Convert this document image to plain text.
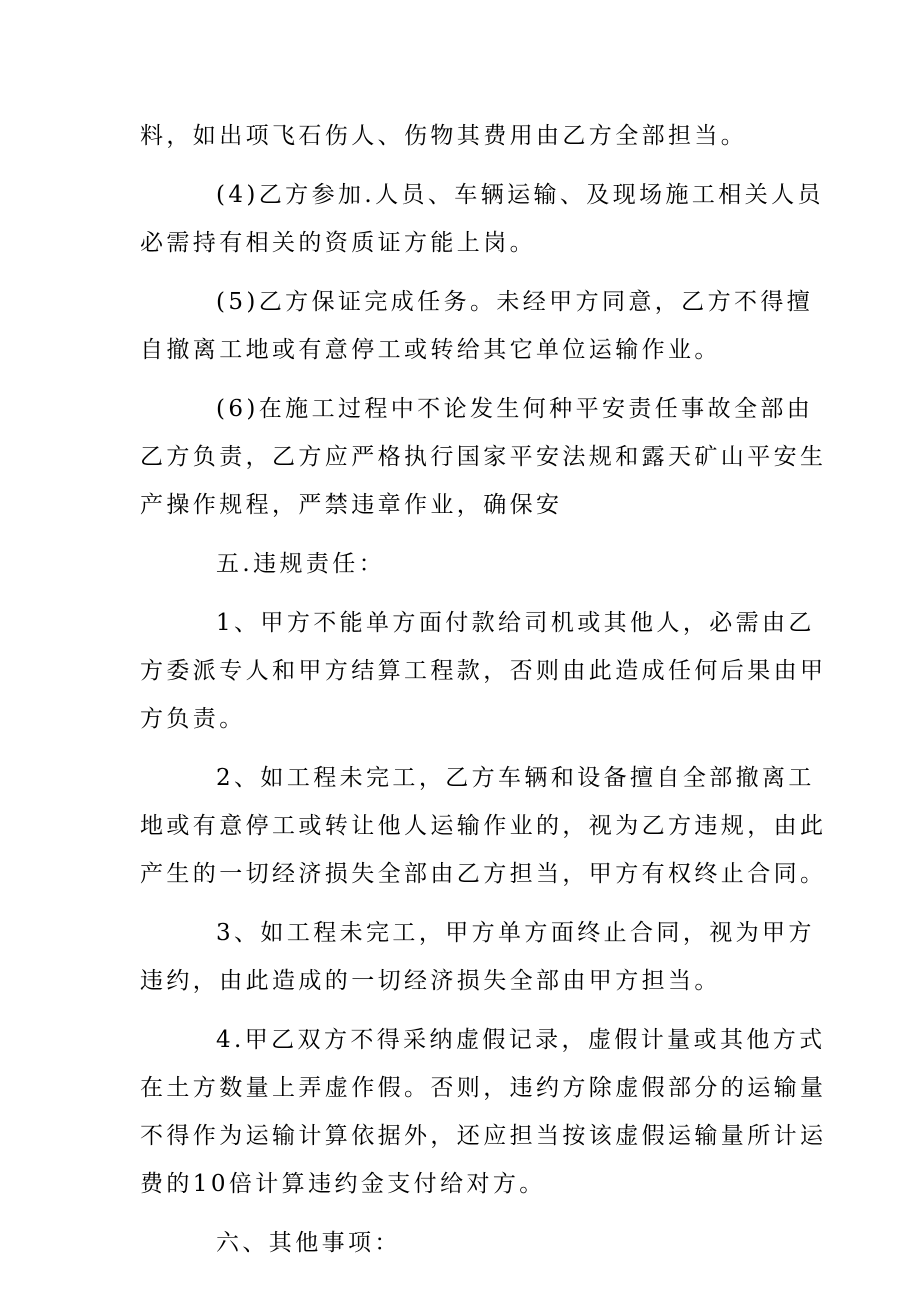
料，如出项飞石伤人、伤物其费用由乙方全部担当。

(4)乙方参加.人员、车辆运输、及现场施工相关人员
必需持有相关的资质证方能上岗。

(5)乙方保证完成任务。未经甲方同意，乙方不得擅
自撤离工地或有意停工或转给其它单位运输作业。

(6)在施工过程中不论发生何种平安责任事故全部由
乙方负责，乙方应严格执行国家平安法规和露天矿山平安生
产操作规程，严禁违章作业，确保安

五.违规责任：

1、甲方不能单方面付款给司机或其他人，必需由乙
方委派专人和甲方结算工程款，否则由此造成任何后果由甲
方负责。

2、如工程未完工，乙方车辆和设备擅自全部撤离工
地或有意停工或转让他人运输作业的，视为乙方违规，由此
产生的一切经济损失全部由乙方担当，甲方有权终止合同。

3、如工程未完工，甲方单方面终止合同，视为甲方
违约，由此造成的一切经济损失全部由甲方担当。

4.甲乙双方不得采纳虚假记录，虚假计量或其他方式
在土方数量上弄虚作假。否则，违约方除虚假部分的运输量
不得作为运输计算依据外，还应担当按该虚假运输量所计运
费的10倍计算违约金支付给对方。

六、其他事项：
